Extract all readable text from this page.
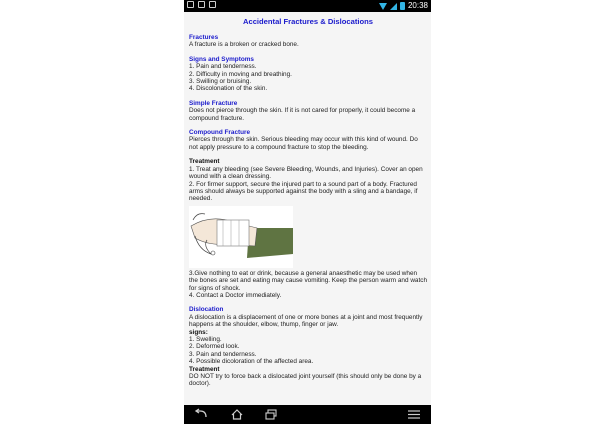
20:38
Accidental Fractures & Dislocations
Fractures
A fracture is a broken or cracked bone.
Signs and Symptoms
1. Pain and tenderness.
2. Difficulty in moving and breathing.
3. Swilling or bruising.
4. Discolonation of the skin.
Simple Fracture
Does not pierce through the skin. If it is not cared for properly, it could become a compound fracture.
Compound Fracture
Pierces through the skin. Serious bleeding may occur with this kind of wound. Do not apply pressure to a compound fracture to stop the bleeding.
Treatment
1. Treat any bleeding (see Severe Bleeding, Wounds, and Injuries). Cover an open wound with a clean dressing.
2. For firmer support, secure the injured part to a sound part of a body. Fractured arms should always be supported against the body with a sling and a bandage, if needed.
3.Give nothing to eat or drink, because a general anaesthetic may be used when the bones are set and eating may cause vomiting. Keep the person warm and watch for signs of shock.
4. Contact a Doctor immediately.
Dislocation
A dislocation is a displacement of one or more bones at a joint and most frequently happens at the shoulder, elbow, thump, finger or jaw.
signs:
1. Swelling.
2. Deformed look.
3. Pain and tenderness.
4. Possible dicoloration of the affected area.
Treatment
DO NOT try to force back a dislocated joint yourself (this should only be done by a doctor).
